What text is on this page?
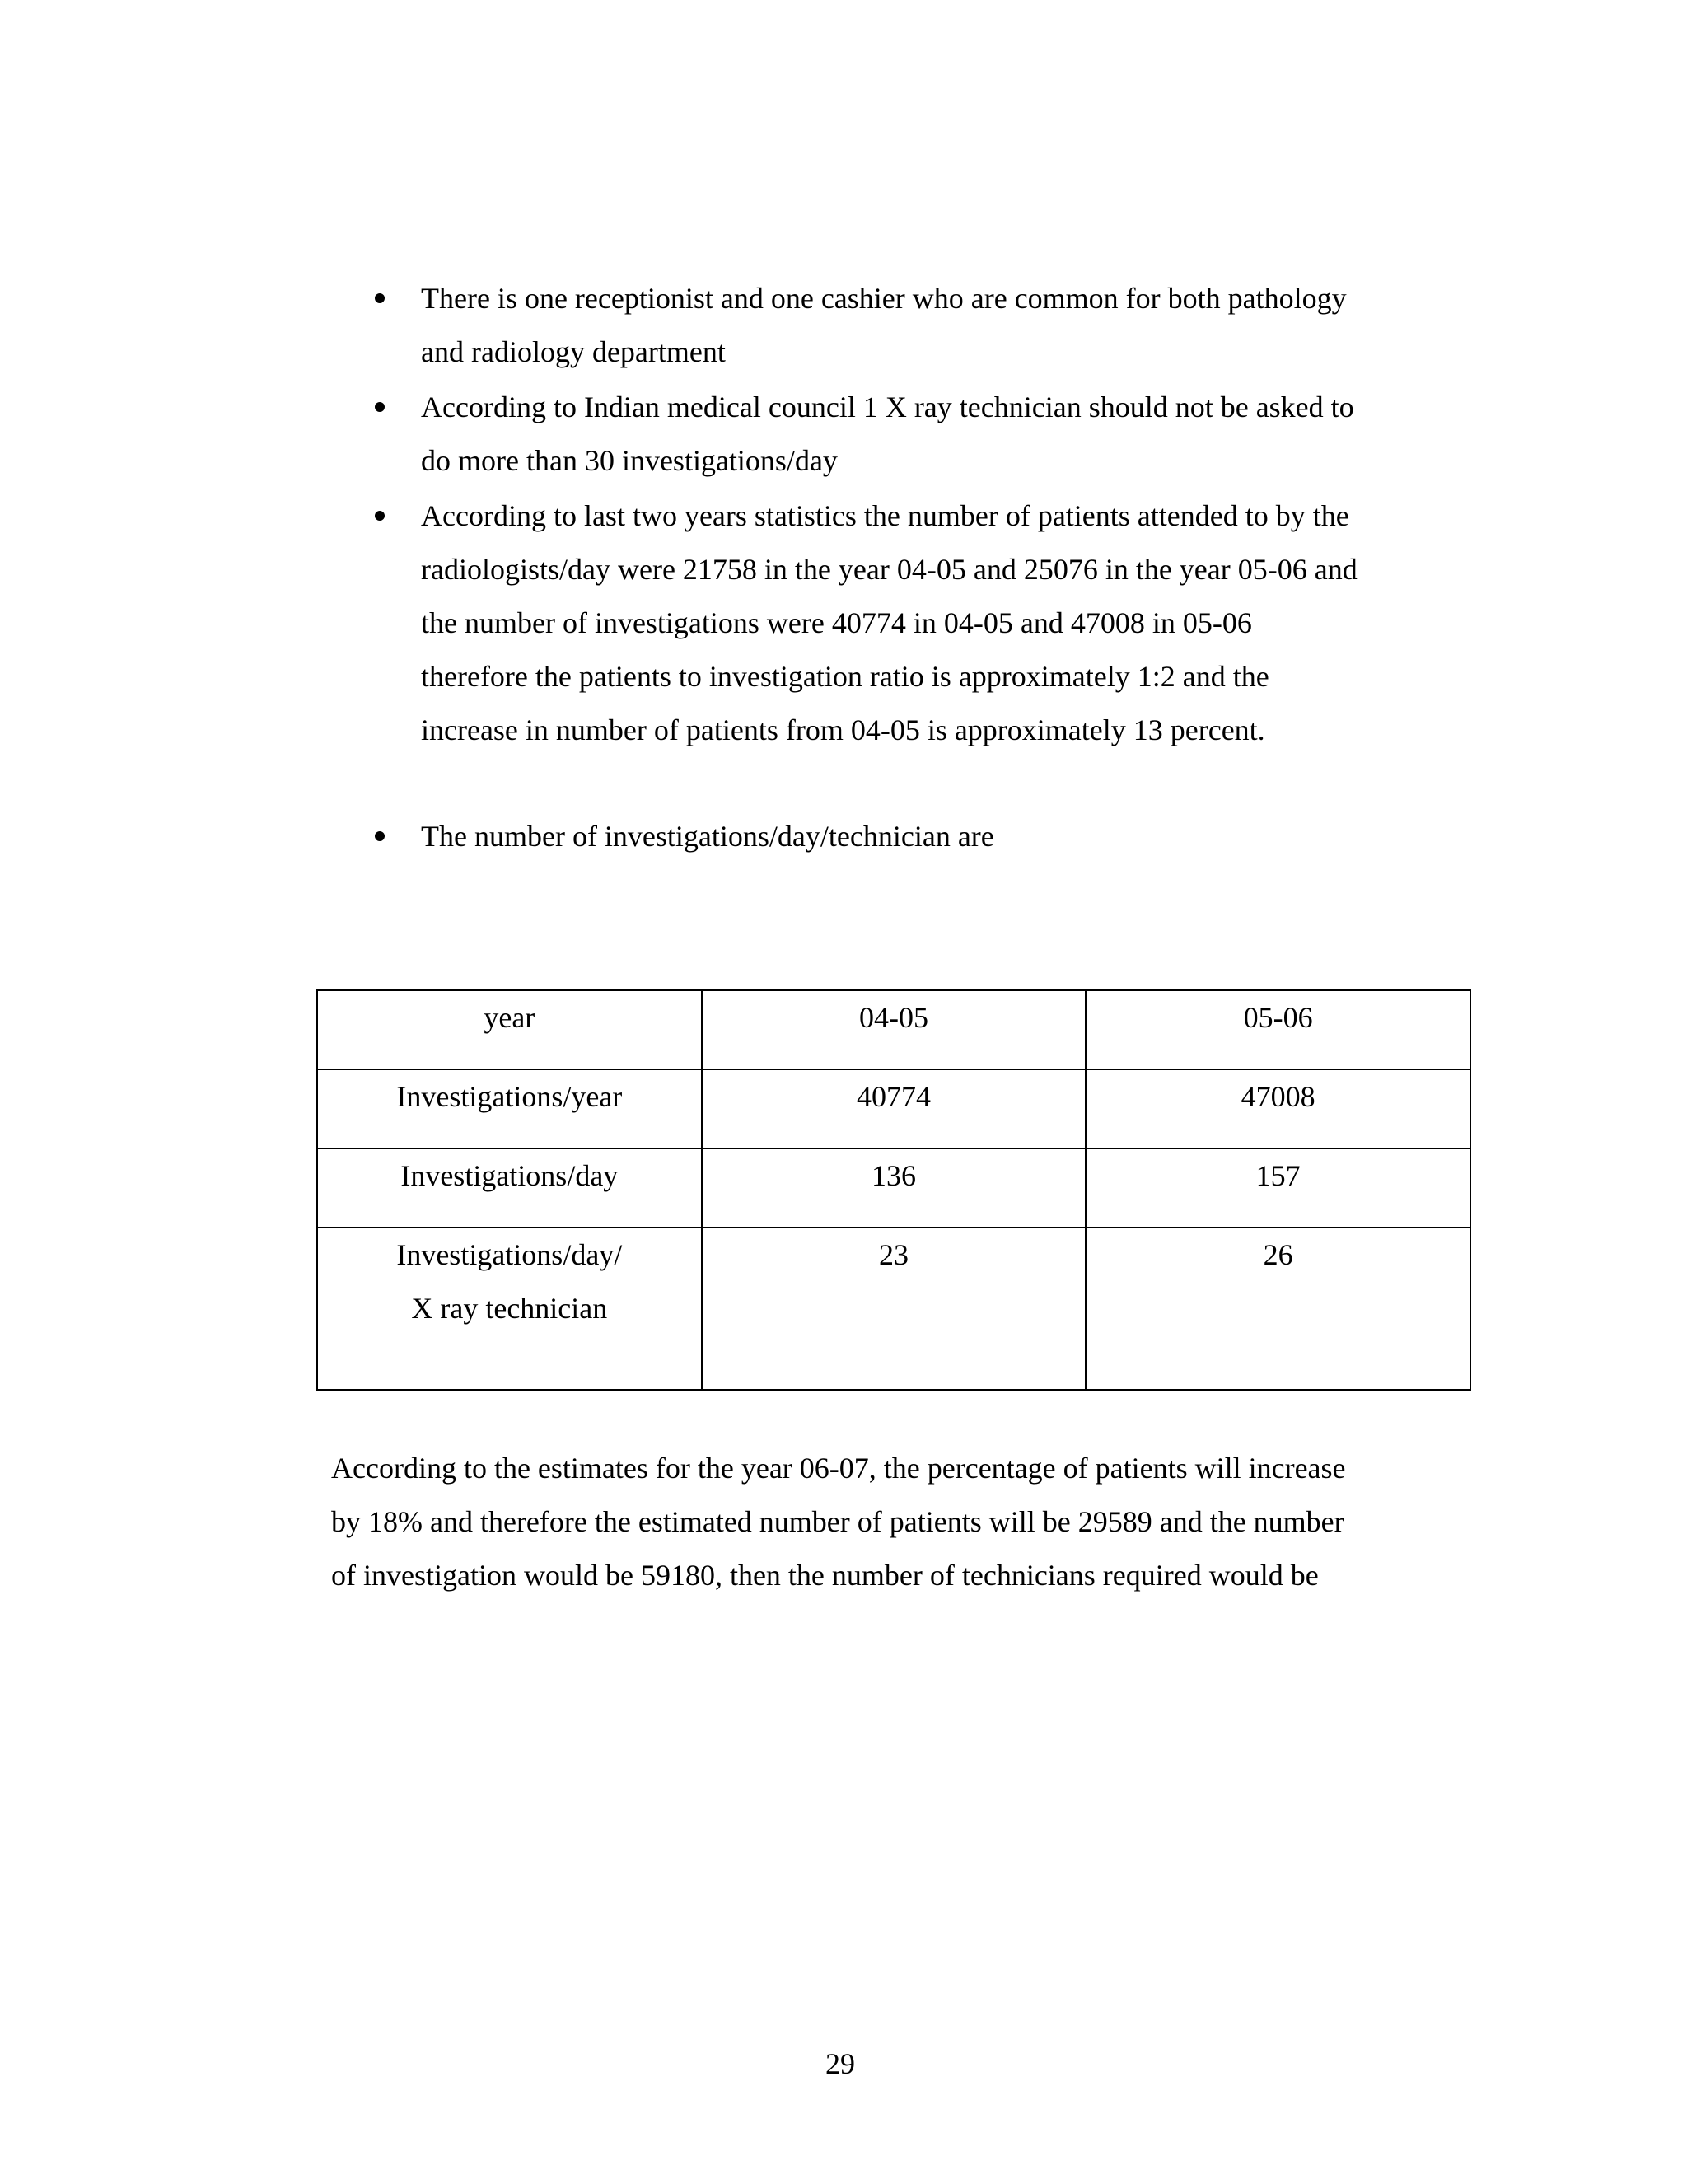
There is one receptionist and one cashier who are common for both pathology and radiology department
According to Indian medical council 1 X ray technician should not be asked to do more than 30 investigations/day
According to last two years statistics the number of patients attended to by the radiologists/day were 21758 in the year 04-05 and 25076 in the year 05-06 and the number of investigations were 40774 in 04-05 and 47008 in 05-06 therefore the patients to investigation ratio is approximately 1:2 and the increase in number of patients from 04-05 is approximately 13 percent.
The number of investigations/day/technician are
year	04-05	05-06
Investigations/year	40774	47008
Investigations/day	136	157
Investigations/day/
X ray technician	23	26

According to the estimates for the year 06-07, the percentage of patients will increase by 18% and therefore the estimated number of patients will be 29589 and the number of investigation would be 59180, then the number of technicians required would be

29
